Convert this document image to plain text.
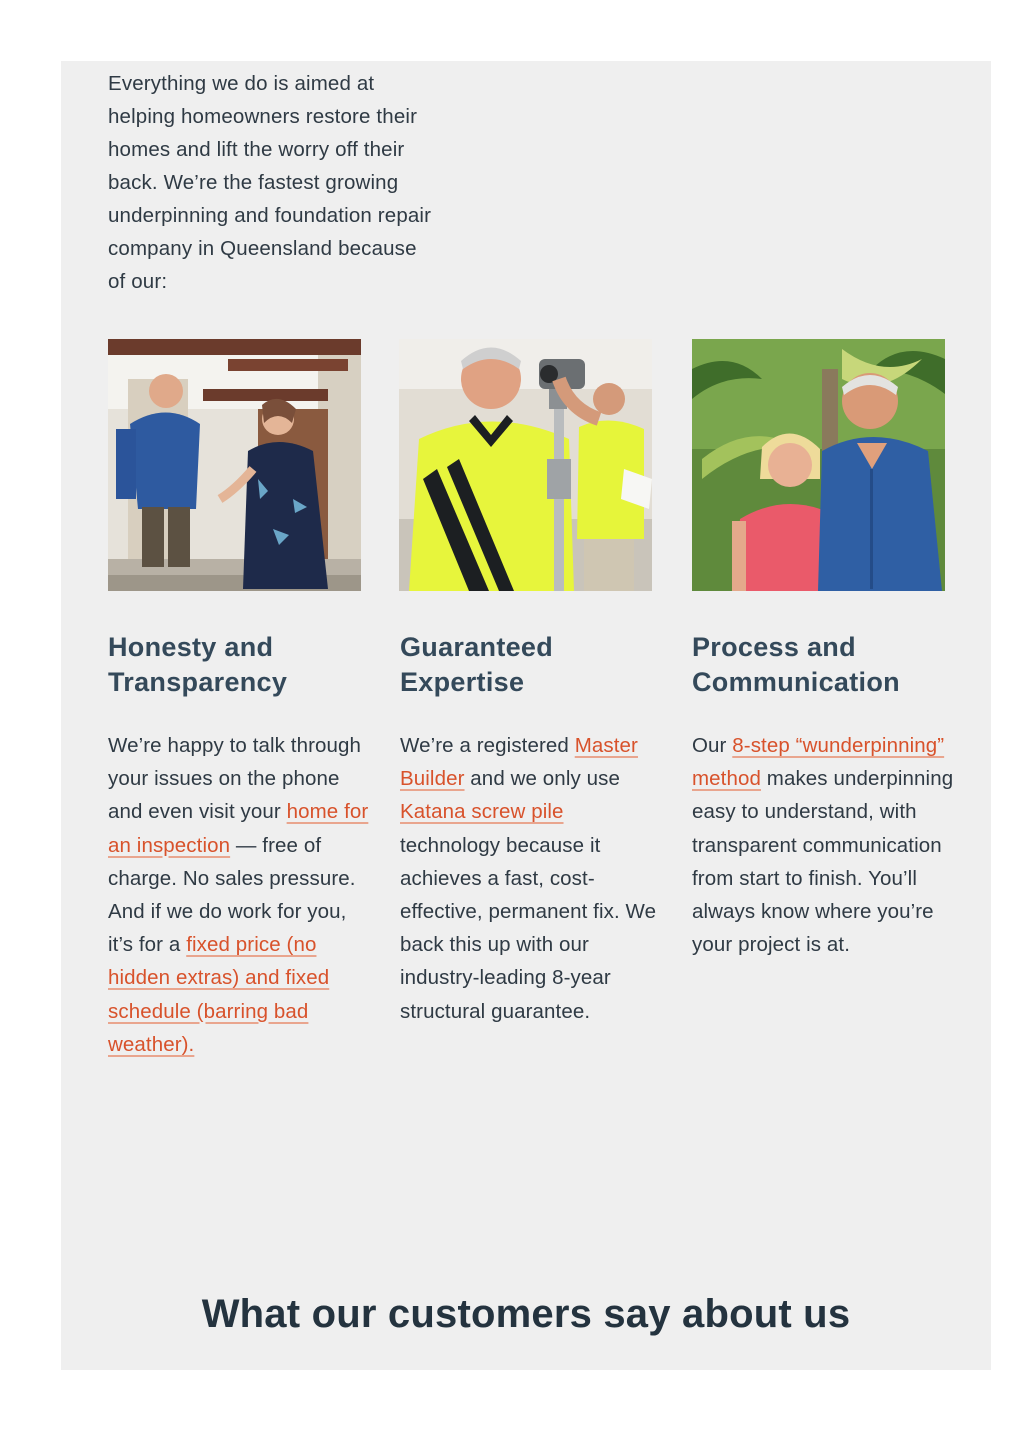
Everything we do is aimed at helping homeowners restore their homes and lift the worry off their back. We’re the fastest growing underpinning and foundation repair company in Queensland because of our:

Honesty and Transparency
Guaranteed Expertise
Process and Communication

We’re happy to talk through your issues on the phone and even visit your home for an inspection — free of charge. No sales pressure. And if we do work for you, it’s for a fixed price (no hidden extras) and fixed schedule (barring bad weather).

We’re a registered Master Builder and we only use Katana screw pile technology because it achieves a fast, cost-effective, permanent fix. We back this up with our industry-leading 8-year structural guarantee.

Our 8-step “wunderpinning” method makes underpinning easy to understand, with transparent communication from start to finish. You’ll always know where you’re your project is at.

What our customers say about us
